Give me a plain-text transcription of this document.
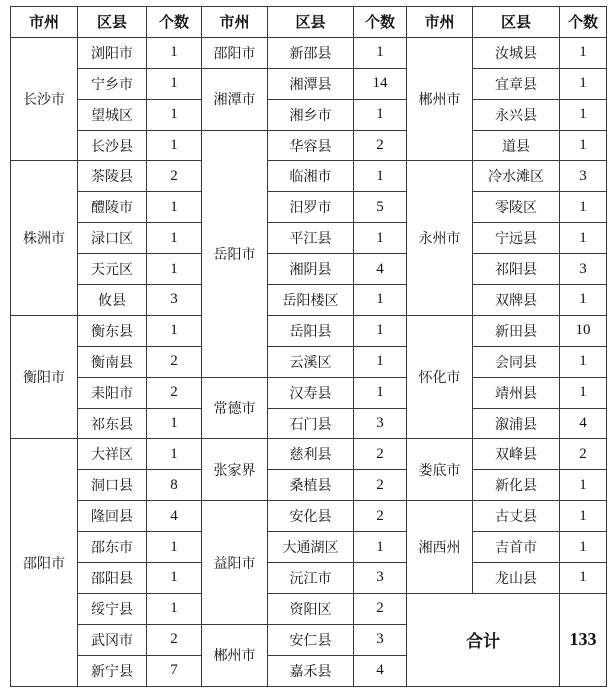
市州	区县	个数	市州	区县	个数	市州	区县	个数
长沙市	浏阳市	1	邵阳市	新邵县	1	郴州市	汝城县	1
	宁乡市	1	湘潭市	湘潭县	14		宜章县	1
	望城区	1		湘乡市	1		永兴县	1
	长沙县	1	岳阳市	华容县	2		道县	1
株洲市	茶陵县	2		临湘市	1	永州市	冷水滩区	3
	醴陵市	1		汨罗市	5		零陵区	1
	渌口区	1		平江县	1		宁远县	1
	天元区	1		湘阴县	4		祁阳县	3
	攸县	3		岳阳楼区	1		双牌县	1
衡阳市	衡东县	1		岳阳县	1	怀化市	新田县	10
	衡南县	2		云溪区	1		会同县	1
	耒阳市	2	常德市	汉寿县	1		靖州县	1
	祁东县	1		石门县	3		溆浦县	4
邵阳市	大祥区	1	张家界	慈利县	2	娄底市	双峰县	2
	洞口县	8		桑植县	2		新化县	1
	隆回县	4	益阳市	安化县	2	湘西州	古丈县	1
	邵东市	1		大通湖区	1		吉首市	1
	邵阳县	1		沅江市	3		龙山县	1
	绥宁县	1		资阳区	2	合计		133
	武冈市	2	郴州市	安仁县	3			
	新宁县	7		嘉禾县	4			
